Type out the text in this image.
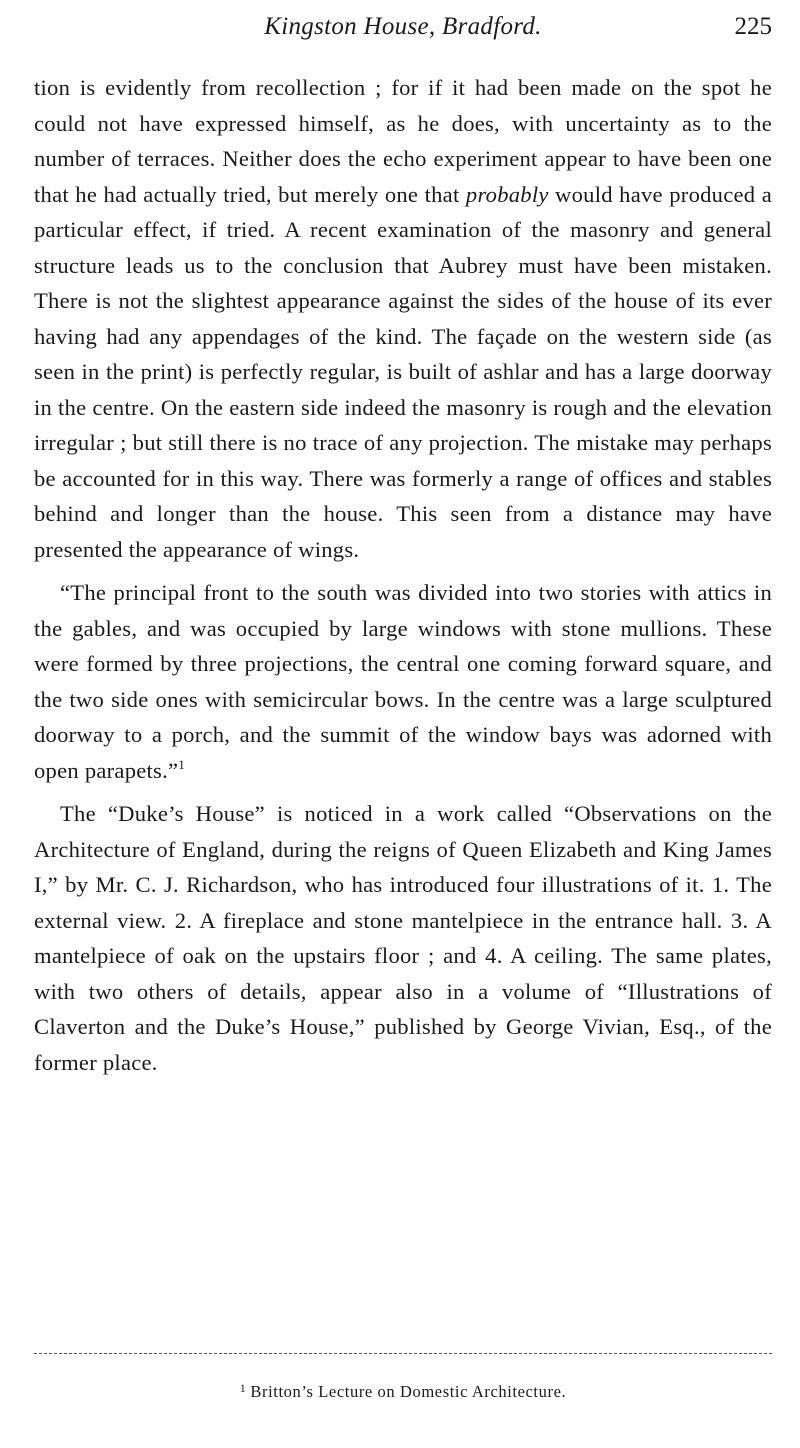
Kingston House, Bradford.	225

tion is evidently from recollection ; for if it had been made on the spot he could not have expressed himself, as he does, with uncertainty as to the number of terraces. Neither does the echo experiment appear to have been one that he had actually tried, but merely one that probably would have produced a particular effect, if tried. A recent examination of the masonry and general structure leads us to the conclusion that Aubrey must have been mistaken. There is not the slightest appearance against the sides of the house of its ever having had any appendages of the kind. The façade on the western side (as seen in the print) is perfectly regular, is built of ashlar and has a large doorway in the centre. On the eastern side indeed the masonry is rough and the elevation irregular ; but still there is no trace of any projection. The mistake may perhaps be accounted for in this way. There was formerly a range of offices and stables behind and longer than the house. This seen from a distance may have presented the appearance of wings.

“The principal front to the south was divided into two stories with attics in the gables, and was occupied by large windows with stone mullions. These were formed by three projections, the central one coming forward square, and the two side ones with semicircular bows. In the centre was a large sculptured doorway to a porch, and the summit of the window bays was adorned with open parapets.”$^1$

The “Duke’s House” is noticed in a work called “Observations on the Architecture of England, during the reigns of Queen Elizabeth and King James I,” by Mr. C. J. Richardson, who has introduced four illustrations of it. 1. The external view. 2. A fireplace and stone mantelpiece in the entrance hall. 3. A mantelpiece of oak on the upstairs floor ; and 4. A ceiling. The same plates, with two others of details, appear also in a volume of “Illustrations of Claverton and the Duke’s House,” published by George Vivian, Esq., of the former place.

$^1$ Britton’s Lecture on Domestic Architecture.
